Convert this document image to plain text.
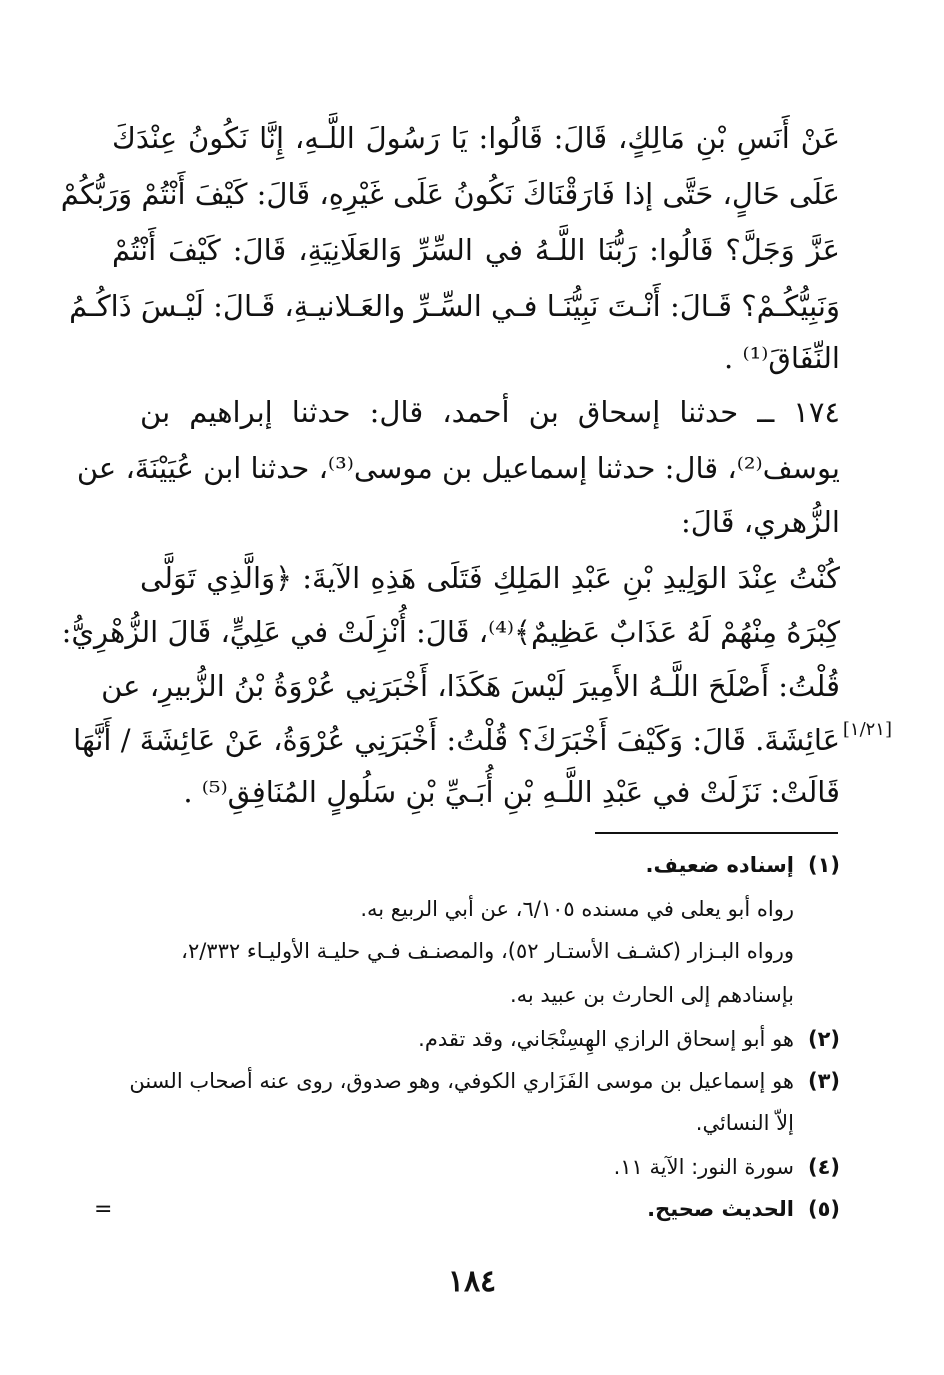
عَنْ أَنَسِ بْنِ مَالِكٍ، قَالَ: قَالُوا: يَا رَسُولَ اللَّـهِ، إِنَّا نَكُونُ عِنْدَكَ
عَلَى حَالٍ، حَتَّى إذا فَارَقْنَاكَ نَكُونُ عَلَى غَيْرِهِ، قَالَ: كَيْفَ أَنْتُمْ وَرَبُّكُمْ
عَزَّ وَجَلَّ؟ قَالُوا: رَبُّنَا اللَّـهُ في السِّرِّ وَالعَلَانِيَةِ، قَالَ: كَيْفَ أَنْتُمْ
وَنَبِيُّكُـمْ؟ قَـالَ: أَنْـتَ نَبِيُّنَـا فـي السِّـرِّ والعَـلانيـةِ، قَـالَ: لَيْـسَ ذَاكُـمُ
النِّفَاقَ⁽¹⁾ .
١٧٤ ــ حدثنا إسحاق بن أحمد، قال: حدثنا إبراهيم بن
يوسف⁽²⁾، قال: حدثنا إسماعيل بن موسى⁽³⁾، حدثنا ابن عُيَيْنَةَ، عن
الزُّهري، قَالَ:
كُنْتُ عِنْدَ الوَلِيدِ بْنِ عَبْدِ المَلِكِ فَتَلَى هَذِهِ الآيةَ: ﴿وَالَّذِي تَوَلَّى
كِبْرَهُ مِنْهُمْ لَهُ عَذَابٌ عَظِيمٌ﴾⁽⁴⁾، قَالَ: أُنْزِلَتْ في عَلِيٍّ، قَالَ الزُّهْرِيُّ:
قُلْتُ: أَصْلَحَ اللَّـهُ الأَمِيرَ لَيْسَ هَكَذَا، أَخْبَرَنِي عُرْوَةُ بْنُ الزُّبيرِ، عن
عَائِشَةَ. قَالَ: وَكَيْفَ أَخْبَرَكَ؟ قُلْتُ: أَخْبَرَنِي عُرْوَةُ، عَنْ عَائِشَةَ / أَنَّهَا
قَالَتْ: نَزَلَتْ في عَبْدِ اللَّـهِ بْنِ أُبَـيِّ بْنِ سَلُولٍ المُنَافِقِ⁽⁵⁾ .
[۱/۲۱]
(١)
إسناده ضعيف.
رواه أبو يعلى في مسنده ٦/١٠٥، عن أبي الربيع به.
ورواه البـزار (كشـف الأستـار ٥٢)، والمصنـف فـي حليـة الأوليـاء ٢/٣٣٢،
بإسنادهم إلى الحارث بن عبيد به.
(٢)
هو أبو إسحاق الرازي الهِسِنْجَاني، وقد تقدم.
(٣)
هو إسماعيل بن موسى الفَزَاري الكوفي، وهو صدوق، روى عنه أصحاب السنن
إلاّ النسائي.
(٤)
سورة النور: الآية ١١.
(٥)
الحديث صحيح.
=
١٨٤
